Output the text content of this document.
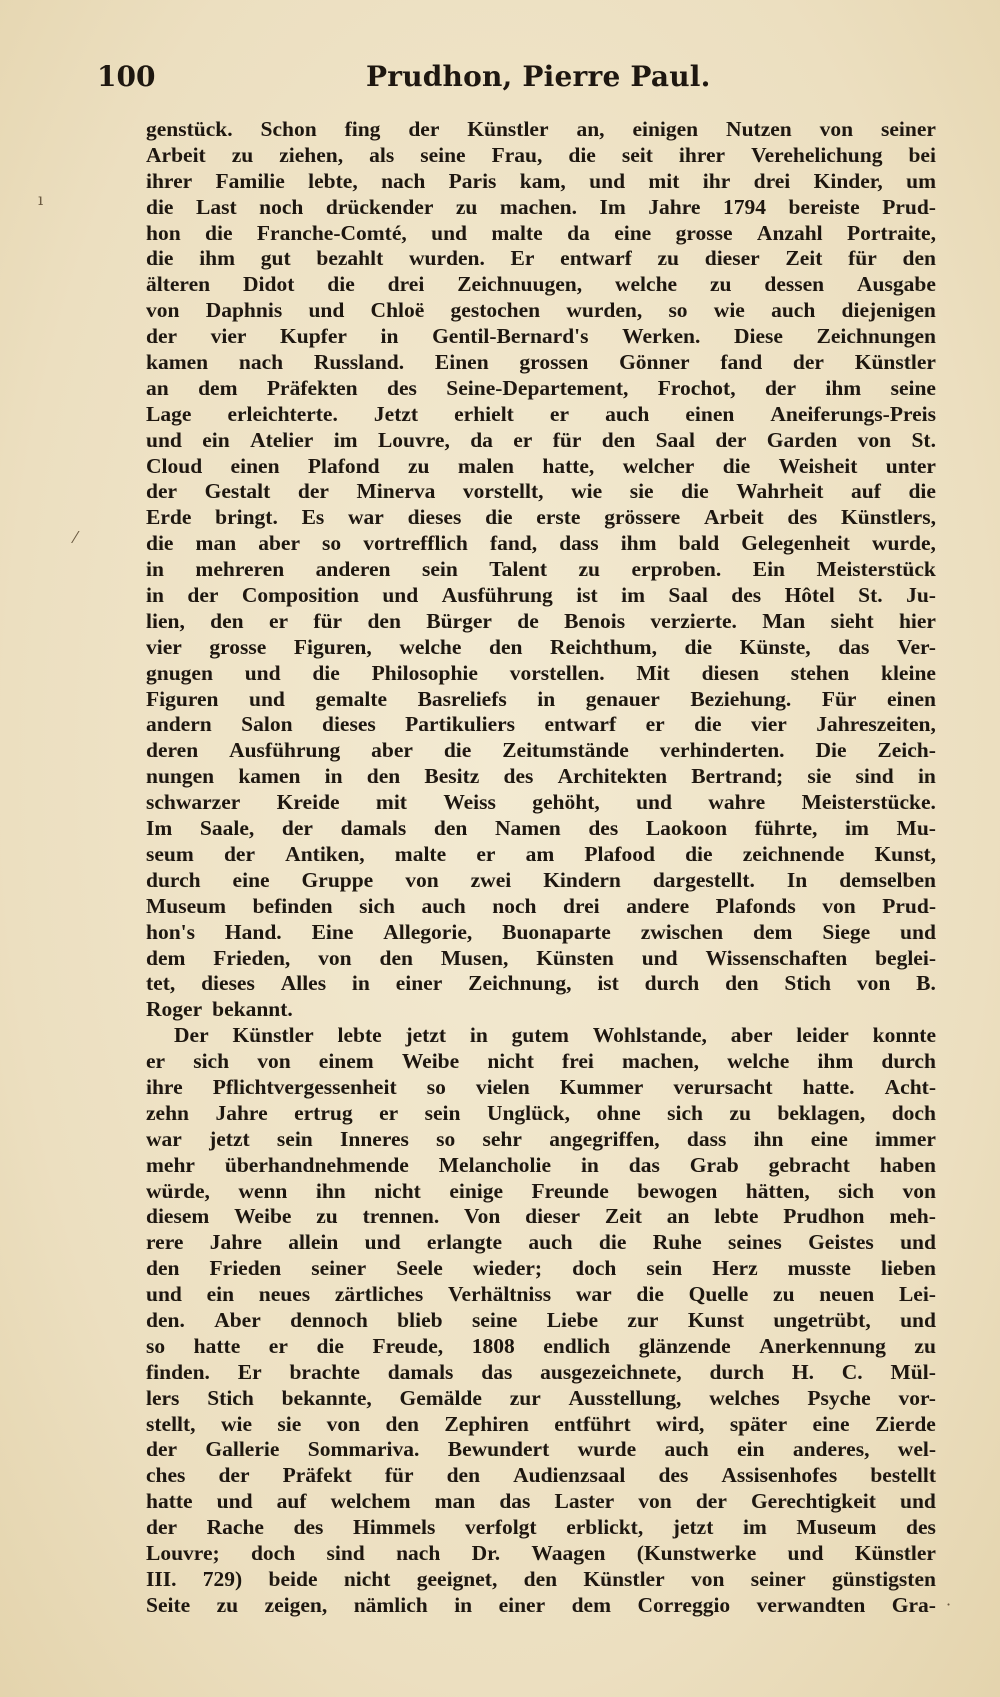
100	Prudhon, Pierre Paul.
genstück. Schon fing der Künstler an, einigen Nutzen von seiner
Arbeit zu ziehen, als seine Frau, die seit ihrer Verehelichung bei
ihrer Familie lebte, nach Paris kam, und mit ihr drei Kinder, um
die Last noch drückender zu machen. Im Jahre 1794 bereiste Prud-
hon die Franche-Comté, und malte da eine grosse Anzahl Portraite,
die ihm gut bezahlt wurden. Er entwarf zu dieser Zeit für den
älteren Didot die drei Zeichnuugen, welche zu dessen Ausgabe
von Daphnis und Chloë gestochen wurden, so wie auch diejenigen
der vier Kupfer in Gentil-Bernard's Werken. Diese Zeichnungen
kamen nach Russland. Einen grossen Gönner fand der Künstler
an dem Präfekten des Seine-Departement, Frochot, der ihm seine
Lage erleichterte. Jetzt erhielt er auch einen Aneiferungs-Preis
und ein Atelier im Louvre, da er für den Saal der Garden von St.
Cloud einen Plafond zu malen hatte, welcher die Weisheit unter
der Gestalt der Minerva vorstellt, wie sie die Wahrheit auf die
Erde bringt. Es war dieses die erste grössere Arbeit des Künstlers,
die man aber so vortrefflich fand, dass ihm bald Gelegenheit wurde,
in mehreren anderen sein Talent zu erproben. Ein Meisterstück
in der Composition und Ausführung ist im Saal des Hôtel St. Ju-
lien, den er für den Bürger de Benois verzierte. Man sieht hier
vier grosse Figuren, welche den Reichthum, die Künste, das Ver-
gnugen und die Philosophie vorstellen. Mit diesen stehen kleine
Figuren und gemalte Basreliefs in genauer Beziehung. Für einen
andern Salon dieses Partikuliers entwarf er die vier Jahreszeiten,
deren Ausführung aber die Zeitumstände verhinderten. Die Zeich-
nungen kamen in den Besitz des Architekten Bertrand; sie sind in
schwarzer Kreide mit Weiss gehöht, und wahre Meisterstücke.
Im Saale, der damals den Namen des Laokoon führte, im Mu-
seum der Antiken, malte er am Plafood die zeichnende Kunst,
durch eine Gruppe von zwei Kindern dargestellt. In demselben
Museum befinden sich auch noch drei andere Plafonds von Prud-
hon's Hand. Eine Allegorie, Buonaparte zwischen dem Siege und
dem Frieden, von den Musen, Künsten und Wissenschaften beglei-
tet, dieses Alles in einer Zeichnung, ist durch den Stich von B.
Roger bekannt.
Der Künstler lebte jetzt in gutem Wohlstande, aber leider konnte
er sich von einem Weibe nicht frei machen, welche ihm durch
ihre Pflichtvergessenheit so vielen Kummer verursacht hatte. Acht-
zehn Jahre ertrug er sein Unglück, ohne sich zu beklagen, doch
war jetzt sein Inneres so sehr angegriffen, dass ihn eine immer
mehr überhandnehmende Melancholie in das Grab gebracht haben
würde, wenn ihn nicht einige Freunde bewogen hätten, sich von
diesem Weibe zu trennen. Von dieser Zeit an lebte Prudhon meh-
rere Jahre allein und erlangte auch die Ruhe seines Geistes und
den Frieden seiner Seele wieder; doch sein Herz musste lieben
und ein neues zärtliches Verhältniss war die Quelle zu neuen Lei-
den. Aber dennoch blieb seine Liebe zur Kunst ungetrübt, und
so hatte er die Freude, 1808 endlich glänzende Anerkennung zu
finden. Er brachte damals das ausgezeichnete, durch H. C. Mül-
lers Stich bekannte, Gemälde zur Ausstellung, welches Psyche vor-
stellt, wie sie von den Zephiren entführt wird, später eine Zierde
der Gallerie Sommariva. Bewundert wurde auch ein anderes, wel-
ches der Präfekt für den Audienzsaal des Assisenhofes bestellt
hatte und auf welchem man das Laster von der Gerechtigkeit und
der Rache des Himmels verfolgt erblickt, jetzt im Museum des
Louvre; doch sind nach Dr. Waagen (Kunstwerke und Künstler
III. 729) beide nicht geeignet, den Künstler von seiner günstigsten
Seite zu zeigen, nämlich in einer dem Correggio verwandten Gra-
ı
⁄
·
